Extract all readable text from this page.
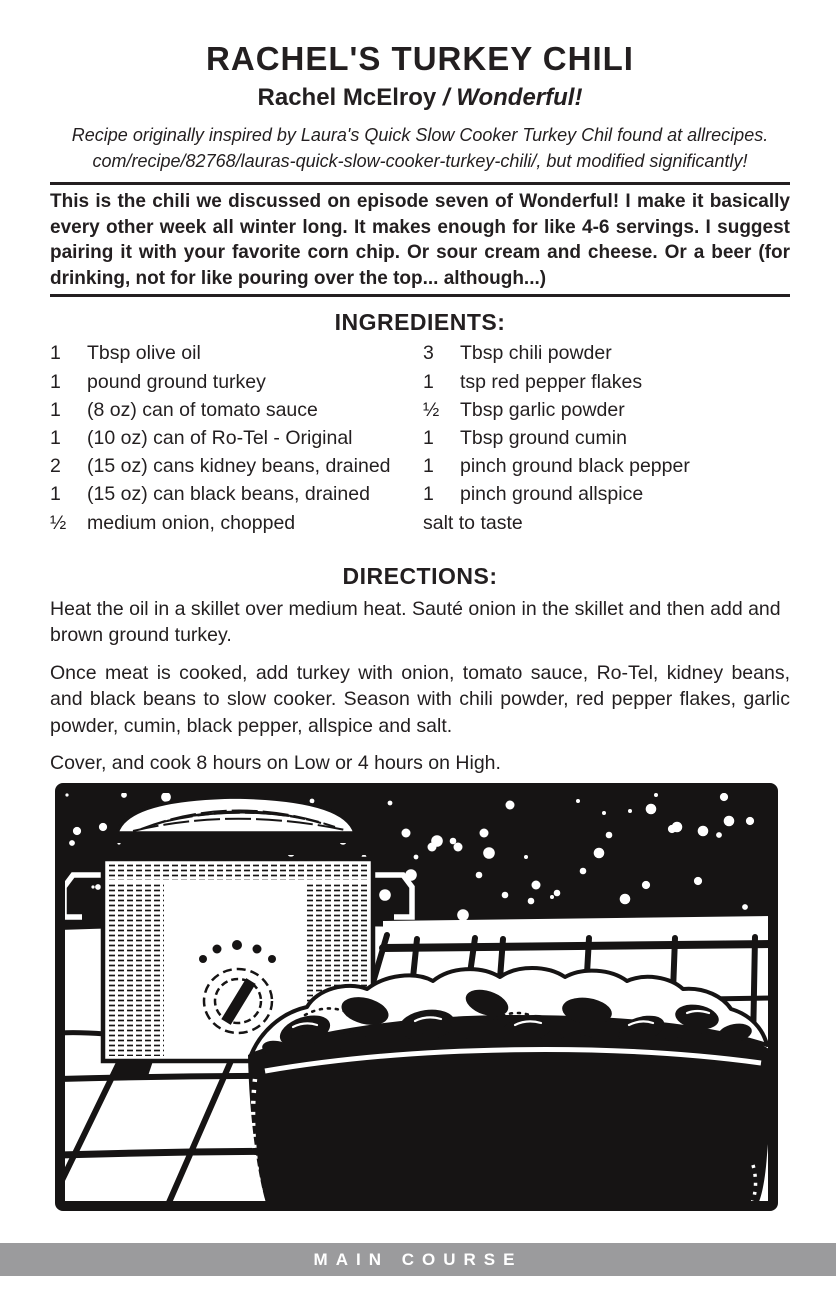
RACHEL'S TURKEY CHILI
Rachel McElroy / Wonderful!
Recipe originally inspired by Laura's Quick Slow Cooker Turkey Chil found at allrecipes.
com/recipe/82768/lauras-quick-slow-cooker-turkey-chili/, but modified significantly!
This is the chili we discussed on episode seven of Wonderful! I make it basically every other week all winter long. It makes enough for like 4-6 servings. I suggest pairing it with your favorite corn chip. Or sour cream and cheese. Or a beer (for drinking, not for like pouring over the top... although...)
INGREDIENTS:
1	Tbsp olive oil
1	pound ground turkey
1	(8 oz) can of tomato sauce
1	(10 oz) can of Ro-Tel - Original
2	(15 oz) cans kidney beans, drained
1	(15 oz) can black beans, drained
½	medium onion, chopped
3	Tbsp chili powder
1	tsp red pepper flakes
½	Tbsp garlic powder
1	Tbsp ground cumin
1	pinch ground black pepper
1	pinch ground allspice
salt to taste
DIRECTIONS:
Heat the oil in a skillet over medium heat. Sauté onion in the skillet and then add and brown ground turkey.
Once meat is cooked, add turkey with onion, tomato sauce, Ro-Tel, kidney beans, and black beans to slow cooker. Season with chili powder, red pepper flakes, garlic powder, cumin, black pepper, allspice and salt.
Cover, and cook 8 hours on Low or 4 hours on High.
MAIN COURSE
